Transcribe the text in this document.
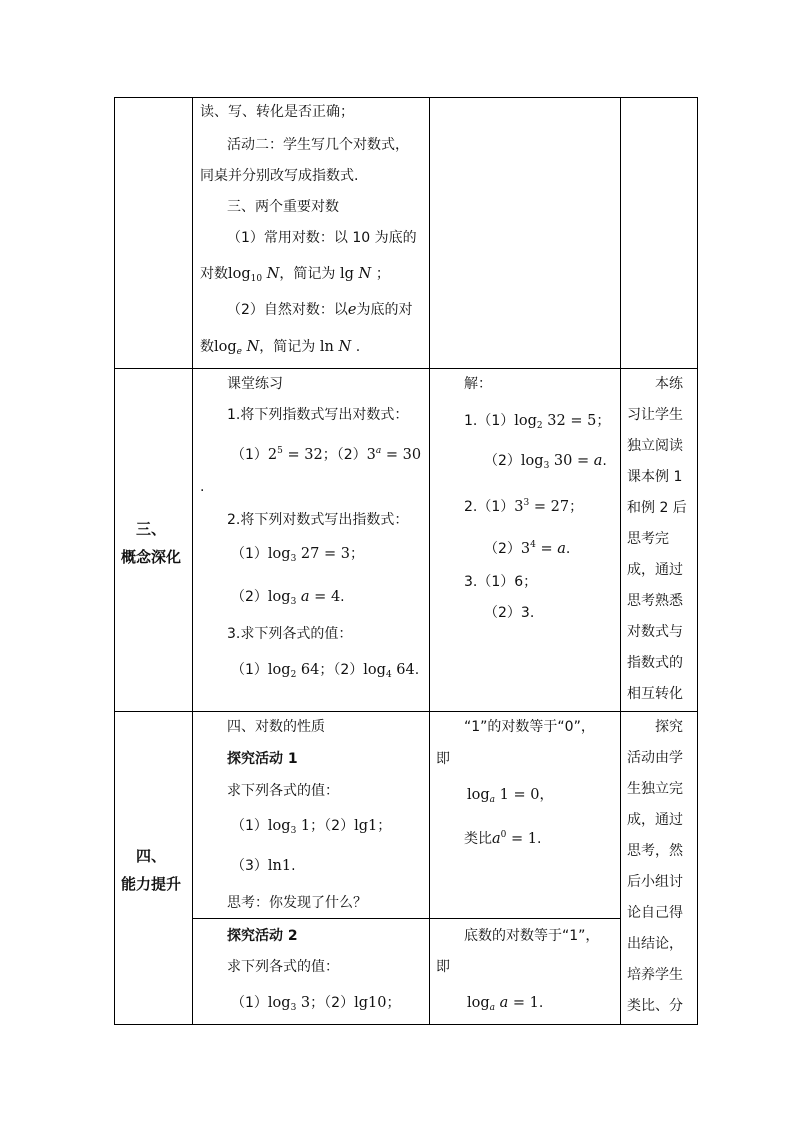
读、写、转化是否正确；
活动二：学生写几个对数式，
同桌并分别改写成指数式.
三、两个重要对数
（1）常用对数：以 10 为底的
对数$\log_{10} N$，简记为 lg N ；
（2）自然对数：以e为底的对
数$\log_e N$，简记为 ln N .
三、
概念深化
课堂练习
1.将下列指数式写出对数式：
$(1)2^5 = 32$；$(2)3^a = 30$
.
2.将下列对数式写出指数式：
$(1)\log_3$ 27 = 3；
$(2)\log_3$ a = 4.
3.求下列各式的值：
$(1)\log_2$ 64；$(2)\log_4$ 64.
解：
$1.(1)\log_2$ 32 = 5；
$(2)\log_3$ 30 = a.
$2.(1)3^3 = 27$；
$(2)3^4 = a$.
3.（1）6；
（2）3.
本练
习让学生
独立阅读
课本例 1
和例 2 后
思考完
成，通过
思考熟悉
对数式与
指数式的
相互转化
四、
能力提升
四、对数的性质
探究活动 1
求下列各式的值：
$(1)\log_3$ 1；（2）lg1；
（3）ln1.
思考：你发现了什么？
探究活动 2
求下列各式的值：
$(1)\log_3$ 3；（2）lg10；
“1”的对数等于“0”，
即
$\log_a 1 = 0$，
类比$a^0 = 1$.
底数的对数等于“1”，
即
$\log_a a = 1$.
探究
活动由学
生独立完
成，通过
思考，然
后小组讨
论自己得
出结论，
培养学生
类比、分
